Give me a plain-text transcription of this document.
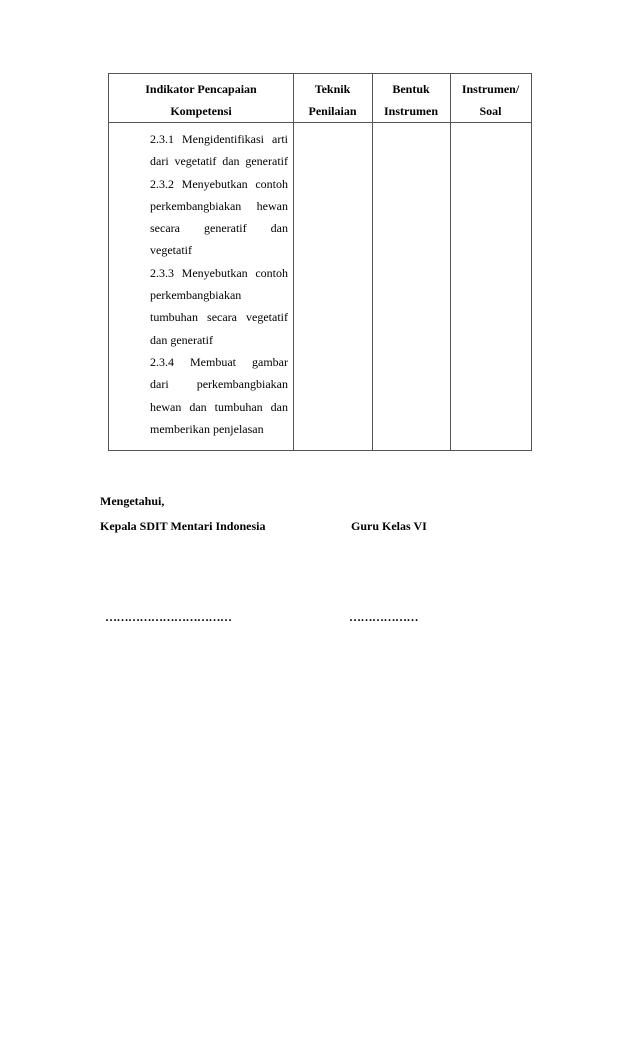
Indikator Pencapaian
Kompetensi
Teknik
Penilaian
Bentuk
Instrumen
Instrumen/
Soal
2.3.1 Mengidentifikasi arti
dari vegetatif dan generatif
2.3.2 Menyebutkan contoh
perkembangbiakan hewan
secara generatif dan
vegetatif
2.3.3 Menyebutkan contoh
perkembangbiakan
tumbuhan secara vegetatif
dan generatif
2.3.4 Membuat gambar
dari perkembangbiakan
hewan dan tumbuhan dan
memberikan penjelasan
Mengetahui,
Kepala SDIT Mentari Indonesia	Guru Kelas VI
……………………………	………………
